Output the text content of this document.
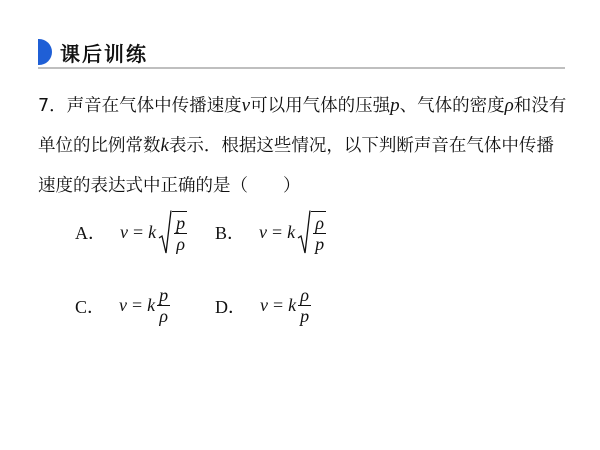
课后训练
7．声音在气体中传播速度v可以用气体的压强p、气体的密度ρ和没有单位的比例常数k表示．根据这些情况，以下判断声音在气体中传播速度的表达式中正确的是（　　）
A． v = k $\frac{p}{\rho}$ B． v = k $\frac{\rho}{p}$
C． v = k $\frac{p}{\rho}$ D． v = k $\frac{\rho}{p}$
